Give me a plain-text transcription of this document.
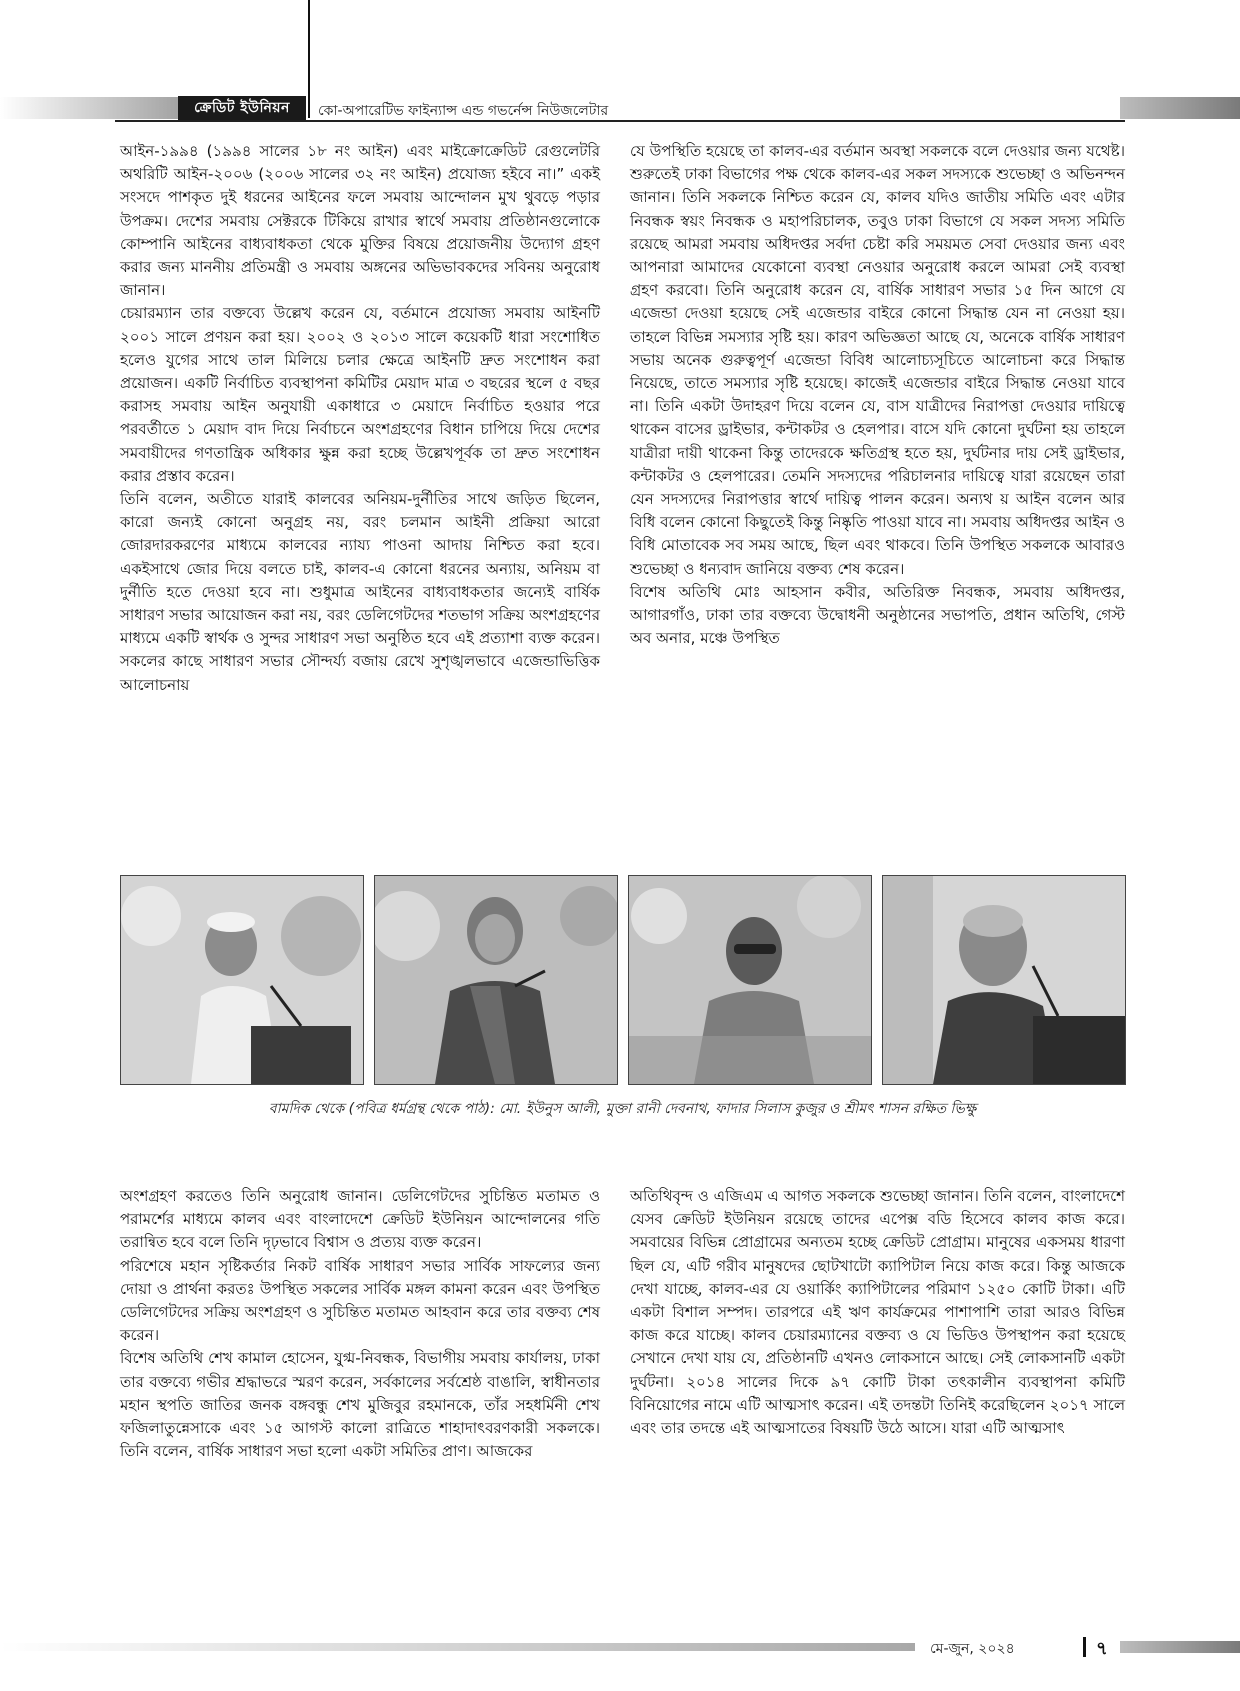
ক্রেডিট ইউনিয়ন	কো-অপারেটিভ ফাইন্যান্স এন্ড গভর্নেন্স নিউজলেটার

আইন-১৯৯৪ (১৯৯৪ সালের ১৮ নং আইন) এবং মাইক্রোক্রেডিট রেগুলেটরি অথরিটি আইন-২০০৬ (২০০৬ সালের ৩২ নং আইন) প্রযোজ্য হইবে না।” একই সংসদে পাশকৃত দুই ধরনের আইনের ফলে সমবায় আন্দোলন মুখ থুবড়ে পড়ার উপক্রম। দেশের সমবায় সেক্টরকে টিকিয়ে রাখার স্বার্থে সমবায় প্রতিষ্ঠানগুলোকে কোম্পানি আইনের বাধ্যবাধকতা থেকে মুক্তির বিষয়ে প্রয়োজনীয় উদ্যোগ গ্রহণ করার জন্য মাননীয় প্রতিমন্ত্রী ও সমবায় অঙ্গনের অভিভাবকদের সবিনয় অনুরোধ জানান।

চেয়ারম্যান তার বক্তব্যে উল্লেখ করেন যে, বর্তমানে প্রযোজ্য সমবায় আইনটি ২০০১ সালে প্রণয়ন করা হয়। ২০০২ ও ২০১৩ সালে কয়েকটি ধারা সংশোধিত হলেও যুগের সাথে তাল মিলিয়ে চলার ক্ষেত্রে আইনটি দ্রুত সংশোধন করা প্রয়োজন। একটি নির্বাচিত ব্যবস্থাপনা কমিটির মেয়াদ মাত্র ৩ বছরের স্থলে ৫ বছর করাসহ সমবায় আইন অনুযায়ী একাধারে ৩ মেয়াদে নির্বাচিত হওয়ার পরে পরবর্তীতে ১ মেয়াদ বাদ দিয়ে নির্বাচনে অংশগ্রহণের বিধান চাপিয়ে দিয়ে দেশের সমবায়ীদের গণতান্ত্রিক অধিকার ক্ষুন্ন করা হচ্ছে উল্লেখপূর্বক তা দ্রুত সংশোধন করার প্রস্তাব করেন।

তিনি বলেন, অতীতে যারাই কালবের অনিয়ম-দুর্নীতির সাথে জড়িত ছিলেন, কারো জন্যই কোনো অনুগ্রহ নয়, বরং চলমান আইনী প্রক্রিয়া আরো জোরদারকরণের মাধ্যমে কালবের ন্যায্য পাওনা আদায় নিশ্চিত করা হবে। একইসাথে জোর দিয়ে বলতে চাই, কালব-এ কোনো ধরনের অন্যায়, অনিয়ম বা দুর্নীতি হতে দেওয়া হবে না। শুধুমাত্র আইনের বাধ্যবাধকতার জন্যেই বার্ষিক সাধারণ সভার আয়োজন করা নয়, বরং ডেলিগেটদের শতভাগ সক্রিয় অংশগ্রহণের মাধ্যমে একটি স্বার্থক ও সুন্দর সাধারণ সভা অনুষ্ঠিত হবে এই প্রত্যাশা ব্যক্ত করেন। সকলের কাছে সাধারণ সভার সৌন্দর্য্য বজায় রেখে সুশৃঙ্খলভাবে এজেন্ডাভিত্তিক আলোচনায়

যে উপস্থিতি হয়েছে তা কালব-এর বর্তমান অবস্থা সকলকে বলে দেওয়ার জন্য যথেষ্ট। শুরুতেই ঢাকা বিভাগের পক্ষ থেকে কালব-এর সকল সদস্যকে শুভেচ্ছা ও অভিনন্দন জানান। তিনি সকলকে নিশ্চিত করেন যে, কালব যদিও জাতীয় সমিতি এবং এটার নিবন্ধক স্বয়ং নিবন্ধক ও মহাপরিচালক, তবুও ঢাকা বিভাগে যে সকল সদস্য সমিতি রয়েছে আমরা সমবায় অধিদপ্তর সর্বদা চেষ্টা করি সময়মত সেবা দেওয়ার জন্য এবং আপনারা আমাদের যেকোনো ব্যবস্থা নেওয়ার অনুরোধ করলে আমরা সেই ব্যবস্থা গ্রহণ করবো। তিনি অনুরোধ করেন যে, বার্ষিক সাধারণ সভার ১৫ দিন আগে যে এজেন্ডা দেওয়া হয়েছে সেই এজেন্ডার বাইরে কোনো সিদ্ধান্ত যেন না নেওয়া হয়। তাহলে বিভিন্ন সমস্যার সৃষ্টি হয়। কারণ অভিজ্ঞতা আছে যে, অনেকে বার্ষিক সাধারণ সভায় অনেক গুরুত্বপূর্ণ এজেন্ডা বিবিধ আলোচ্যসূচিতে আলোচনা করে সিদ্ধান্ত নিয়েছে, তাতে সমস্যার সৃষ্টি হয়েছে। কাজেই এজেন্ডার বাইরে সিদ্ধান্ত নেওয়া যাবে না। তিনি একটা উদাহরণ দিয়ে বলেন যে, বাস যাত্রীদের নিরাপত্তা দেওয়ার দায়িত্বে থাকেন বাসের ড্রাইভার, কন্টাকটর ও হেলপার। বাসে যদি কোনো দুর্ঘটনা হয় তাহলে যাত্রীরা দায়ী থাকেনা কিন্তু তাদেরকে ক্ষতিগ্রস্থ হতে হয়, দুর্ঘটনার দায় সেই ড্রাইভার, কন্টাকটর ও হেলপারের। তেমনি সদস্যদের পরিচালনার দায়িত্বে যারা রয়েছেন তারা যেন সদস্যদের নিরাপত্তার স্বার্থে দায়িত্ব পালন করেন। অন্যথ য় আইন বলেন আর বিধি বলেন কোনো কিছুতেই কিন্তু নিষ্কৃতি পাওয়া যাবে না। সমবায় অধিদপ্তর আইন ও বিধি মোতাবেক সব সময় আছে, ছিল এবং থাকবে। তিনি উপস্থিত সকলকে আবারও শুভেচ্ছা ও ধন্যবাদ জানিয়ে বক্তব্য শেষ করেন।

বিশেষ অতিথি মোঃ আহসান কবীর, অতিরিক্ত নিবন্ধক, সমবায় অধিদপ্তর, আগারগাঁও, ঢাকা তার বক্তব্যে উদ্বোধনী অনুষ্ঠানের সভাপতি, প্রধান অতিথি, গেস্ট অব অনার, মঞ্চে উপস্থিত

বামদিক থেকে (পবিত্র ধর্মগ্রন্থ থেকে পাঠ): মো. ইউনুস আলী, মুক্তা রানী দেবনাথ, ফাদার সিলাস কুজুর ও শ্রীমৎ শাসন রক্ষিত ভিক্ষু

অংশগ্রহণ করতেও তিনি অনুরোধ জানান। ডেলিগেটদের সুচিন্তিত মতামত ও পরামর্শের মাধ্যমে কালব এবং বাংলাদেশে ক্রেডিট ইউনিয়ন আন্দোলনের গতি তরান্বিত হবে বলে তিনি দৃঢ়ভাবে বিশ্বাস ও প্রত্যয় ব্যক্ত করেন।

পরিশেষে মহান সৃষ্টিকর্তার নিকট বার্ষিক সাধারণ সভার সার্বিক সাফল্যের জন্য দোয়া ও প্রার্থনা করতঃ উপস্থিত সকলের সার্বিক মঙ্গল কামনা করেন এবং উপস্থিত ডেলিগেটদের সক্রিয় অংশগ্রহণ ও সুচিন্তিত মতামত আহবান করে তার বক্তব্য শেষ করেন।

বিশেষ অতিথি শেখ কামাল হোসেন, যুগ্ম-নিবন্ধক, বিভাগীয় সমবায় কার্যালয়, ঢাকা তার বক্তব্যে গভীর শ্রদ্ধাভরে স্মরণ করেন, সর্বকালের সর্বশ্রেষ্ঠ বাঙালি, স্বাধীনতার মহান স্থপতি জাতির জনক বঙ্গবন্ধু শেখ মুজিবুর রহমানকে, তাঁর সহধর্মিনী শেখ ফজিলাতুন্নেসাকে এবং ১৫ আগস্ট কালো রাত্রিতে শাহাদাৎবরণকারী সকলকে। তিনি বলেন, বার্ষিক সাধারণ সভা হলো একটা সমিতির প্রাণ। আজকের

অতিথিবৃন্দ ও এজিএম এ আগত সকলকে শুভেচ্ছা জানান। তিনি বলেন, বাংলাদেশে যেসব ক্রেডিট ইউনিয়ন রয়েছে তাদের এপেক্স বডি হিসেবে কালব কাজ করে। সমবায়ের বিভিন্ন প্রোগ্রামের অন্যতম হচ্ছে ক্রেডিট প্রোগ্রাম। মানুষের একসময় ধারণা ছিল যে, এটি গরীব মানুষদের ছোটখাটো ক্যাপিটাল নিয়ে কাজ করে। কিন্তু আজকে দেখা যাচ্ছে, কালব-এর যে ওয়ার্কিং ক্যাপিটালের পরিমাণ ১২৫০ কোটি টাকা। এটি একটা বিশাল সম্পদ। তারপরে এই ঋণ কার্যক্রমের পাশাপাশি তারা আরও বিভিন্ন কাজ করে যাচ্ছে। কালব চেয়ারম্যানের বক্তব্য ও যে ভিডিও উপস্থাপন করা হয়েছে সেখানে দেখা যায় যে, প্রতিষ্ঠানটি এখনও লোকসানে আছে। সেই লোকসানটি একটা দুর্ঘটনা। ২০১৪ সালের দিকে ৯৭ কোটি টাকা তৎকালীন ব্যবস্থাপনা কমিটি বিনিয়োগের নামে এটি আত্মসাৎ করেন। এই তদন্তটা তিনিই করেছিলেন ২০১৭ সালে এবং তার তদন্তে এই আত্মসাতের বিষয়টি উঠে আসে। যারা এটি আত্মসাৎ

মে-জুন, ২০২৪	৭
